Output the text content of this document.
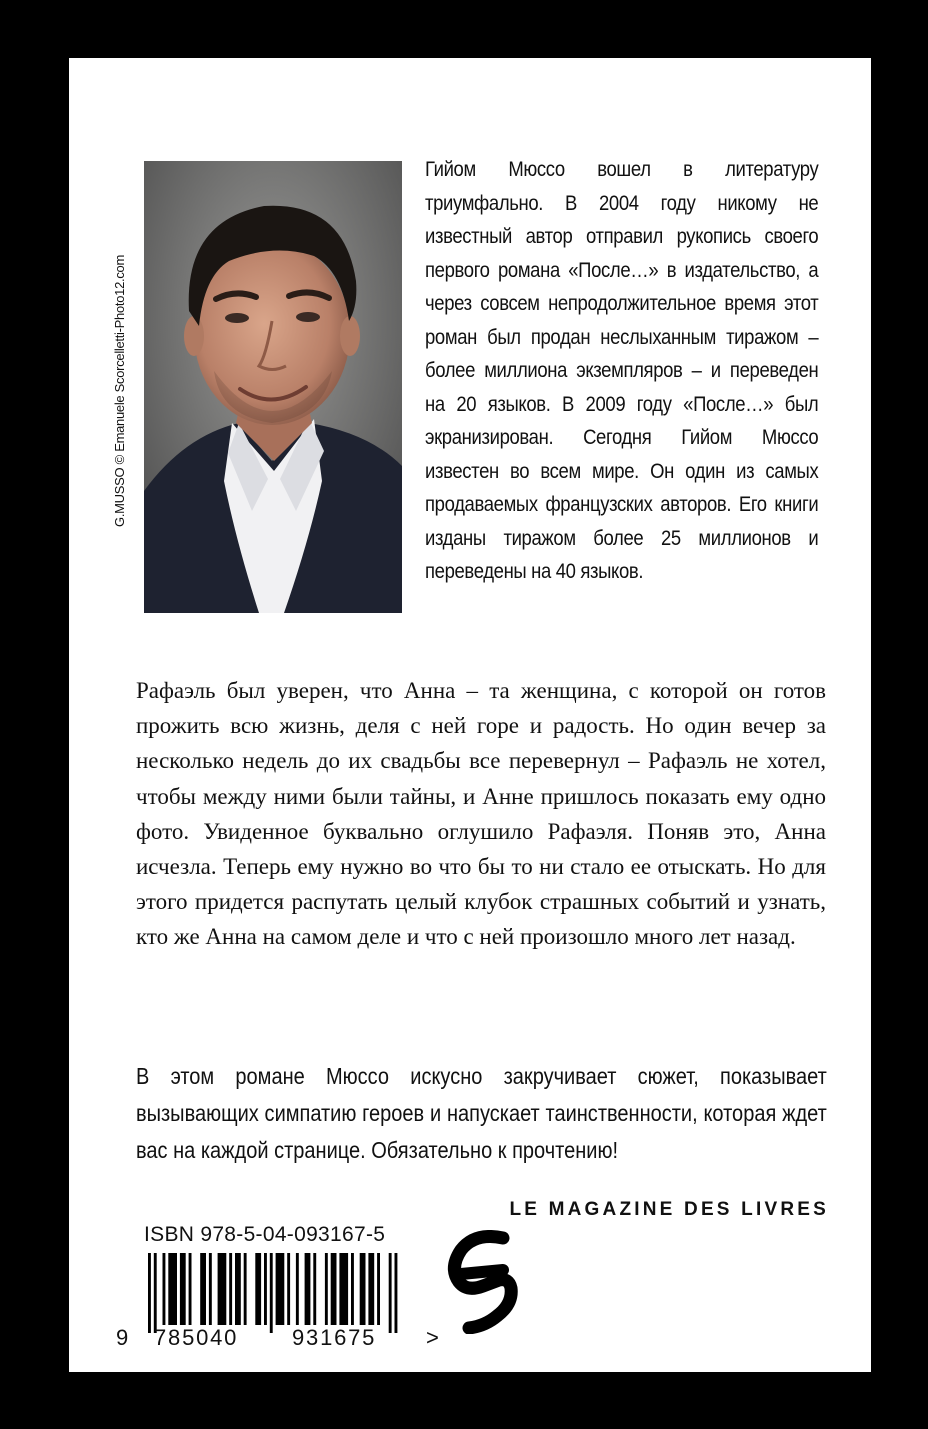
G.MUSSO © Emanuele Scorcelletti-Photo12.com
Гийом Мюссо вошел в литературу триумфально. В 2004 году никому не известный автор отправил рукопись своего первого романа «После…» в издательство, а через совсем непродолжительное время этот роман был продан неслыханным тиражом – более миллиона экземпляров – и переведен на 20 языков. В 2009 году «После…» был экранизирован. Сегодня Гийом Мюссо известен во всем мире. Он один из самых продаваемых французских авторов. Его книги изданы тиражом более 25 миллионов и переведены на 40 языков.

Рафаэль был уверен, что Анна – та женщина, с которой он готов прожить всю жизнь, деля с ней горе и радость. Но один вечер за несколько недель до их свадьбы все перевернул – Рафаэль не хотел, чтобы между ними были тайны, и Анне пришлось показать ему одно фото. Увиденное буквально оглушило Рафаэля. Поняв это, Анна исчезла. Теперь ему нужно во что бы то ни стало ее отыскать. Но для этого придется распутать целый клубок страшных событий и узнать, кто же Анна на самом деле и что с ней произошло много лет назад.

В этом романе Мюссо искусно закручивает сюжет, показывает вызывающих симпатию героев и напускает таинственности, которая ждет вас на каждой странице. Обязательно к прочтению!

LE MAGAZINE DES LIVRES
ISBN 978-5-04-093167-5
9 785040 931675 >
